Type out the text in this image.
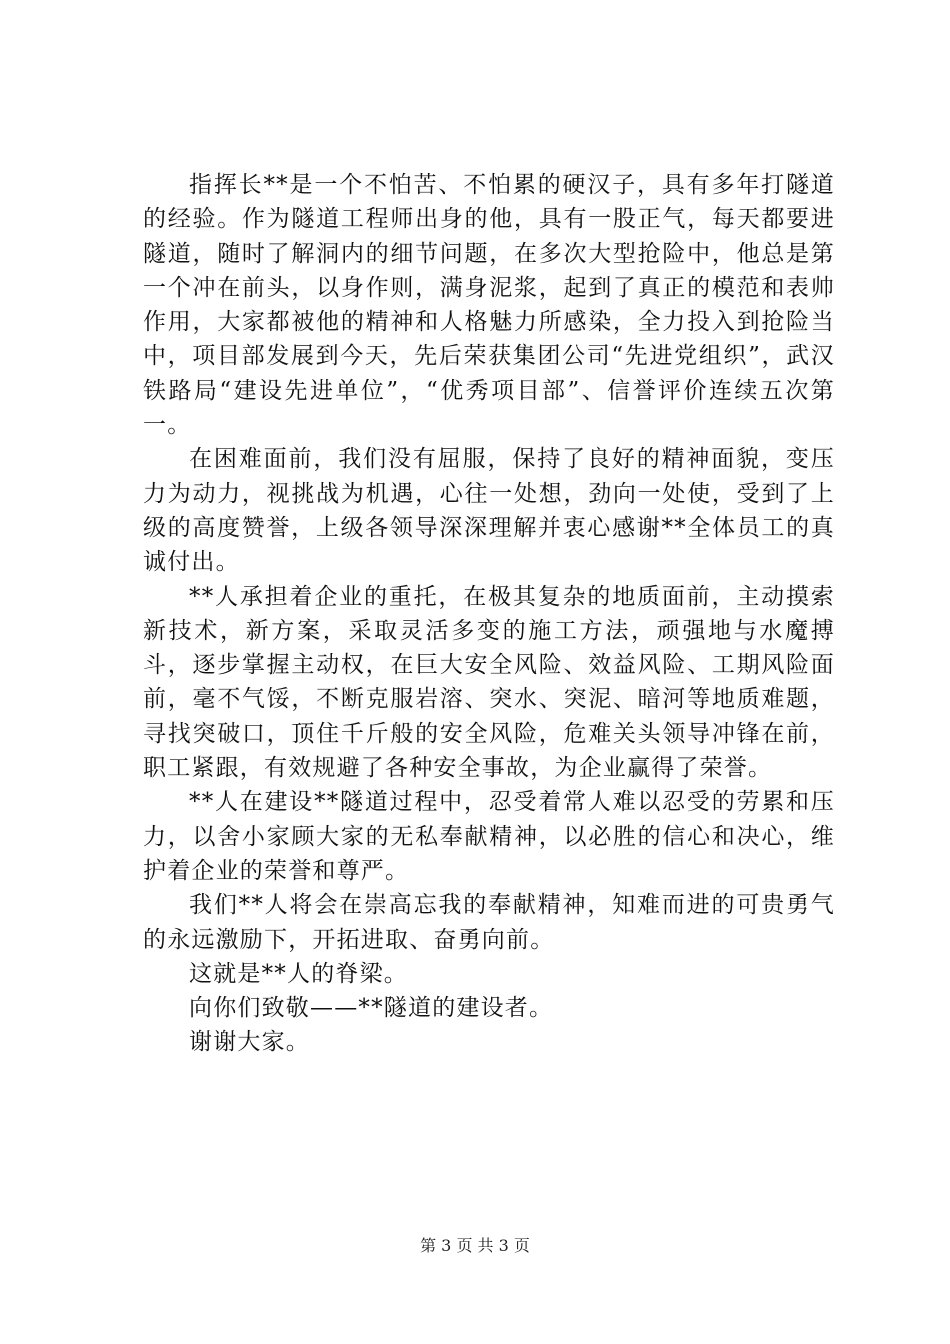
指挥长**是一个不怕苦、不怕累的硬汉子，具有多年打隧道的经验。作为隧道工程师出身的他，具有一股正气，每天都要进隧道，随时了解洞内的细节问题，在多次大型抢险中，他总是第一个冲在前头，以身作则，满身泥浆，起到了真正的模范和表帅作用，大家都被他的精神和人格魅力所感染，全力投入到抢险当中，项目部发展到今天，先后荣获集团公司“先进党组织”，武汉铁路局“建设先进单位”，“优秀项目部”、信誉评价连续五次第一。

在困难面前，我们没有屈服，保持了良好的精神面貌，变压力为动力，视挑战为机遇，心往一处想，劲向一处使，受到了上级的高度赞誉，上级各领导深深理解并衷心感谢**全体员工的真诚付出。

**人承担着企业的重托，在极其复杂的地质面前，主动摸索新技术，新方案，采取灵活多变的施工方法，顽强地与水魔搏斗，逐步掌握主动权，在巨大安全风险、效益风险、工期风险面前，毫不气馁，不断克服岩溶、突水、突泥、暗河等地质难题，寻找突破口，顶住千斤般的安全风险，危难关头领导冲锋在前，职工紧跟，有效规避了各种安全事故，为企业赢得了荣誉。

**人在建设**隧道过程中，忍受着常人难以忍受的劳累和压力，以舍小家顾大家的无私奉献精神，以必胜的信心和决心，维护着企业的荣誉和尊严。

我们**人将会在崇高忘我的奉献精神，知难而进的可贵勇气的永远激励下，开拓进取、奋勇向前。

这就是**人的脊梁。

向你们致敬——**隧道的建设者。

谢谢大家。

第 3 页 共 3 页
